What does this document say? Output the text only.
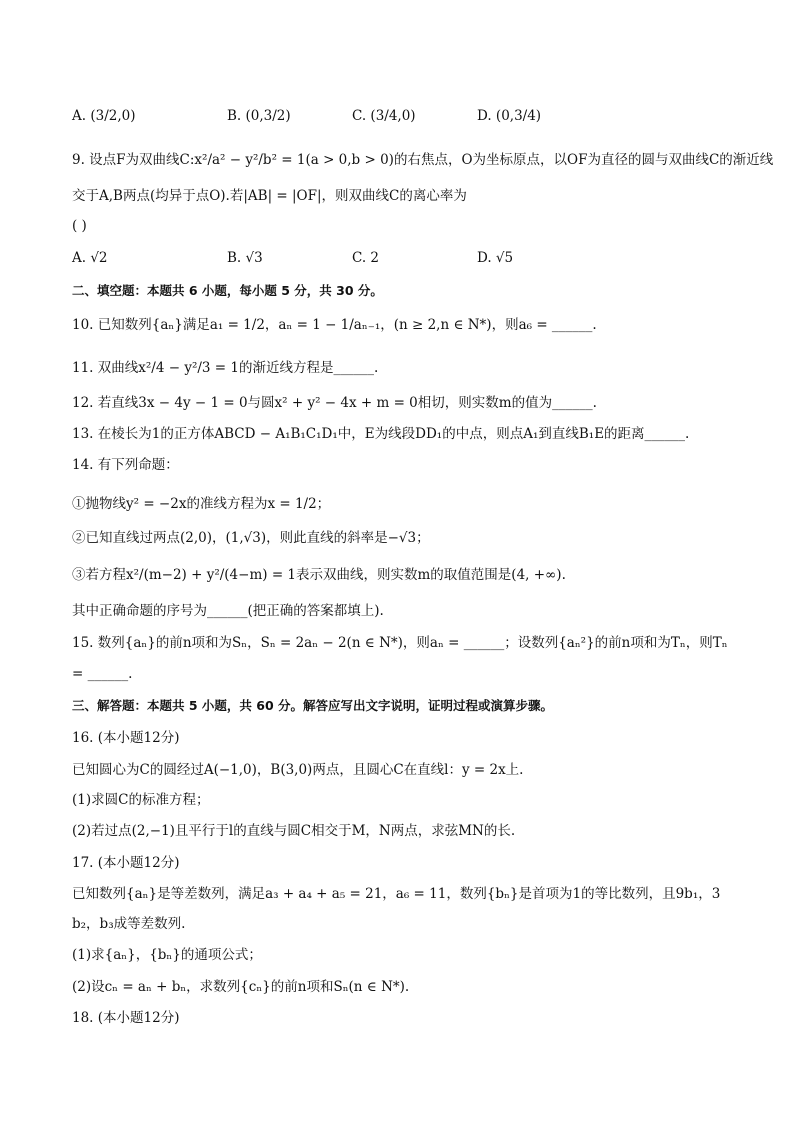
A. (3/2,0)	B. (0,3/2)	C. (3/4,0)	D. (0,3/4)
9. 设点F为双曲线C:x²/a² − y²/b² = 1(a > 0,b > 0)的右焦点，O为坐标原点，以OF为直径的圆与双曲线C的渐近线
交于A,B两点(均异于点O).若|AB| = |OF|，则双曲线C的离心率为
( )
A. √2	B. √3	C. 2	D. √5
二、填空题：本题共 6 小题，每小题 5 分，共 30 分。
10. 已知数列{aₙ}满足a₁ = 1/2，aₙ = 1 − 1/aₙ₋₁，(n ≥ 2,n ∈ N*)，则a₆ = ______.
11. 双曲线x²/4 − y²/3 = 1的渐近线方程是______.
12. 若直线3x − 4y − 1 = 0与圆x² + y² − 4x + m = 0相切，则实数m的值为______.
13. 在棱长为1的正方体ABCD − A₁B₁C₁D₁中，E为线段DD₁的中点，则点A₁到直线B₁E的距离______.
14. 有下列命题：
①抛物线y² = −2x的准线方程为x = 1/2；
②已知直线过两点(2,0)，(1,√3)，则此直线的斜率是−√3；
③若方程x²/(m−2) + y²/(4−m) = 1表示双曲线，则实数m的取值范围是(4, +∞).
其中正确命题的序号为______(把正确的答案都填上).
15. 数列{aₙ}的前n项和为Sₙ，Sₙ = 2aₙ − 2(n ∈ N*)，则aₙ = ______；设数列{aₙ²}的前n项和为Tₙ，则Tₙ
= ______.
三、解答题：本题共 5 小题，共 60 分。解答应写出文字说明，证明过程或演算步骤。
16. (本小题12分)
已知圆心为C的圆经过A(−1,0)，B(3,0)两点，且圆心C在直线l：y = 2x上.
(1)求圆C的标准方程；
(2)若过点(2,−1)且平行于l的直线与圆C相交于M，N两点，求弦MN的长.
17. (本小题12分)
已知数列{aₙ}是等差数列，满足a₃ + a₄ + a₅ = 21，a₆ = 11，数列{bₙ}是首项为1的等比数列，且9b₁，3
b₂，b₃成等差数列.
(1)求{aₙ}，{bₙ}的通项公式；
(2)设cₙ = aₙ + bₙ，求数列{cₙ}的前n项和Sₙ(n ∈ N*).
18. (本小题12分)
